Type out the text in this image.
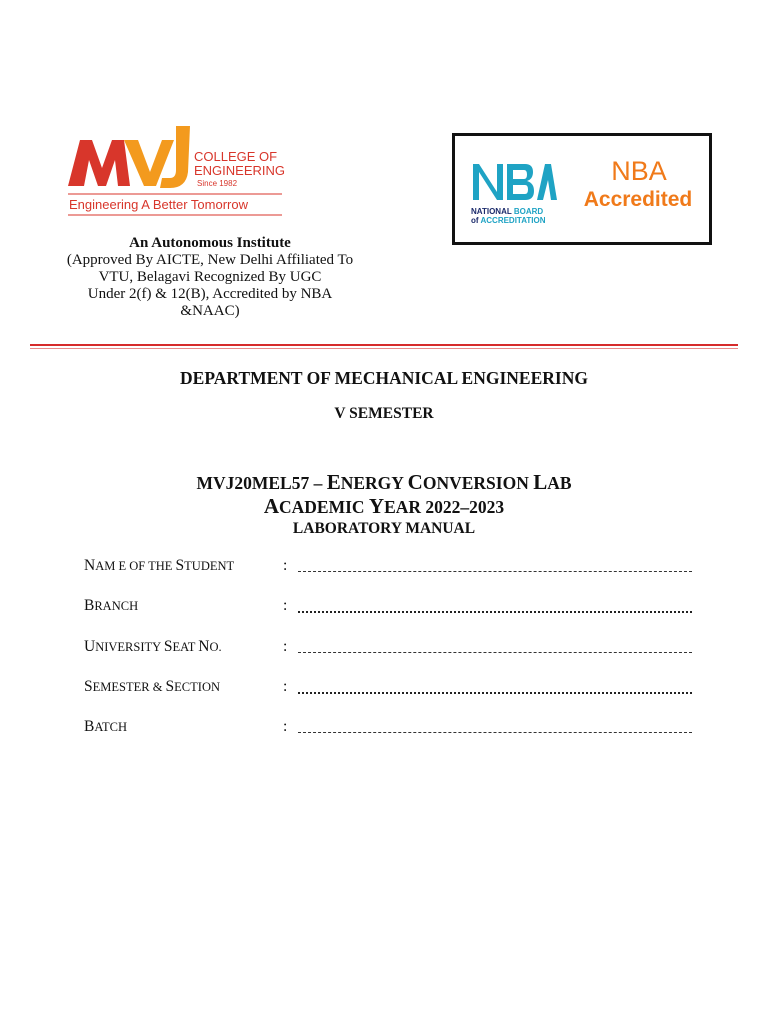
COLLEGE OF
ENGINEERING
Since 1982
Engineering A Better Tomorrow
An Autonomous Institute
(Approved By AICTE, New Delhi Affiliated To
VTU, Belagavi Recognized By UGC
Under 2(f) & 12(B), Accredited by NBA
&NAAC)
NATIONAL BOARD
of ACCREDITATION
NBA
Accredited
DEPARTMENT OF MECHANICAL ENGINEERING
V SEMESTER
MVJ20MEL57 – ENERGY CONVERSION LAB
ACADEMIC YEAR 2022–2023
LABORATORY MANUAL
NAM E OF THE STUDENT	:
BRANCH	:
UNIVERSITY SEAT NO.	:
SEMESTER & SECTION	:
BATCH	:
